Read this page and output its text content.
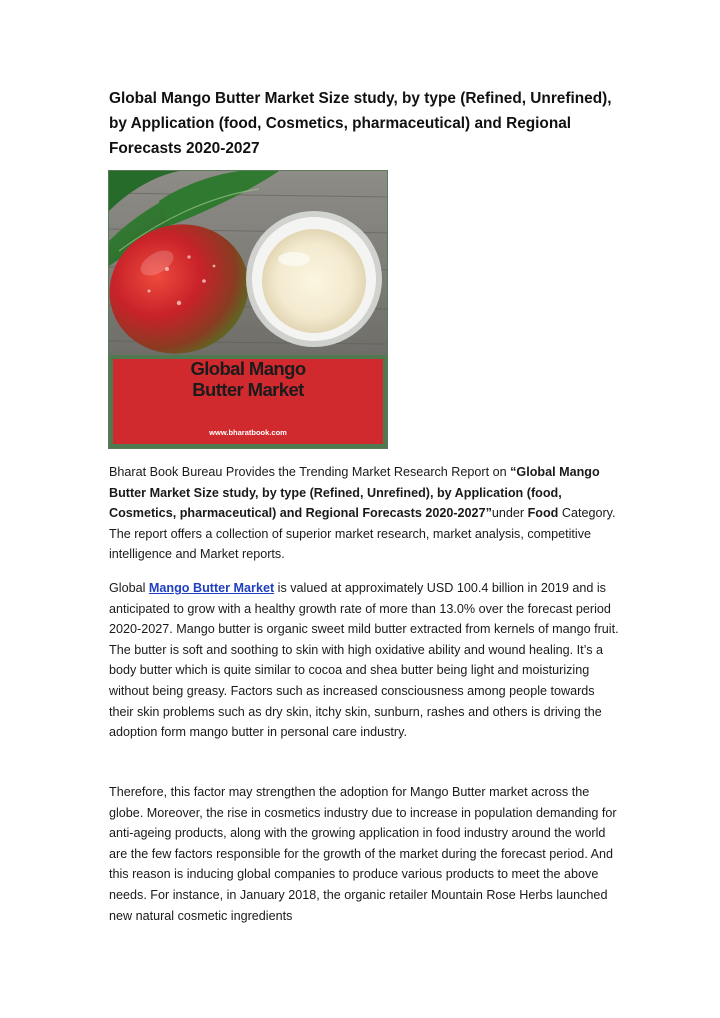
Global Mango Butter Market Size study, by type (Refined, Unrefined), by Application (food, Cosmetics, pharmaceutical) and Regional Forecasts 2020-2027
Global Mango
Butter Market
www.bharatbook.com

Bharat Book Bureau Provides the Trending Market Research Report on “Global Mango Butter Market Size study, by type (Refined, Unrefined), by Application (food, Cosmetics, pharmaceutical) and Regional Forecasts 2020-2027”under Food Category. The report offers a collection of superior market research, market analysis, competitive intelligence and Market reports.

Global Mango Butter Market is valued at approximately USD 100.4 billion in 2019 and is anticipated to grow with a healthy growth rate of more than 13.0% over the forecast period 2020-2027. Mango butter is organic sweet mild butter extracted from kernels of mango fruit. The butter is soft and soothing to skin with high oxidative ability and wound healing. It’s a body butter which is quite similar to cocoa and shea butter being light and moisturizing without being greasy. Factors such as increased consciousness among people towards their skin problems such as dry skin, itchy skin, sunburn, rashes and others is driving the adoption form mango butter in personal care industry.

Therefore, this factor may strengthen the adoption for Mango Butter market across the globe. Moreover, the rise in cosmetics industry due to increase in population demanding for anti-ageing products, along with the growing application in food industry around the world are the few factors responsible for the growth of the market during the forecast period. And this reason is inducing global companies to produce various products to meet the above needs. For instance, in January 2018, the organic retailer Mountain Rose Herbs launched new natural cosmetic ingredients
